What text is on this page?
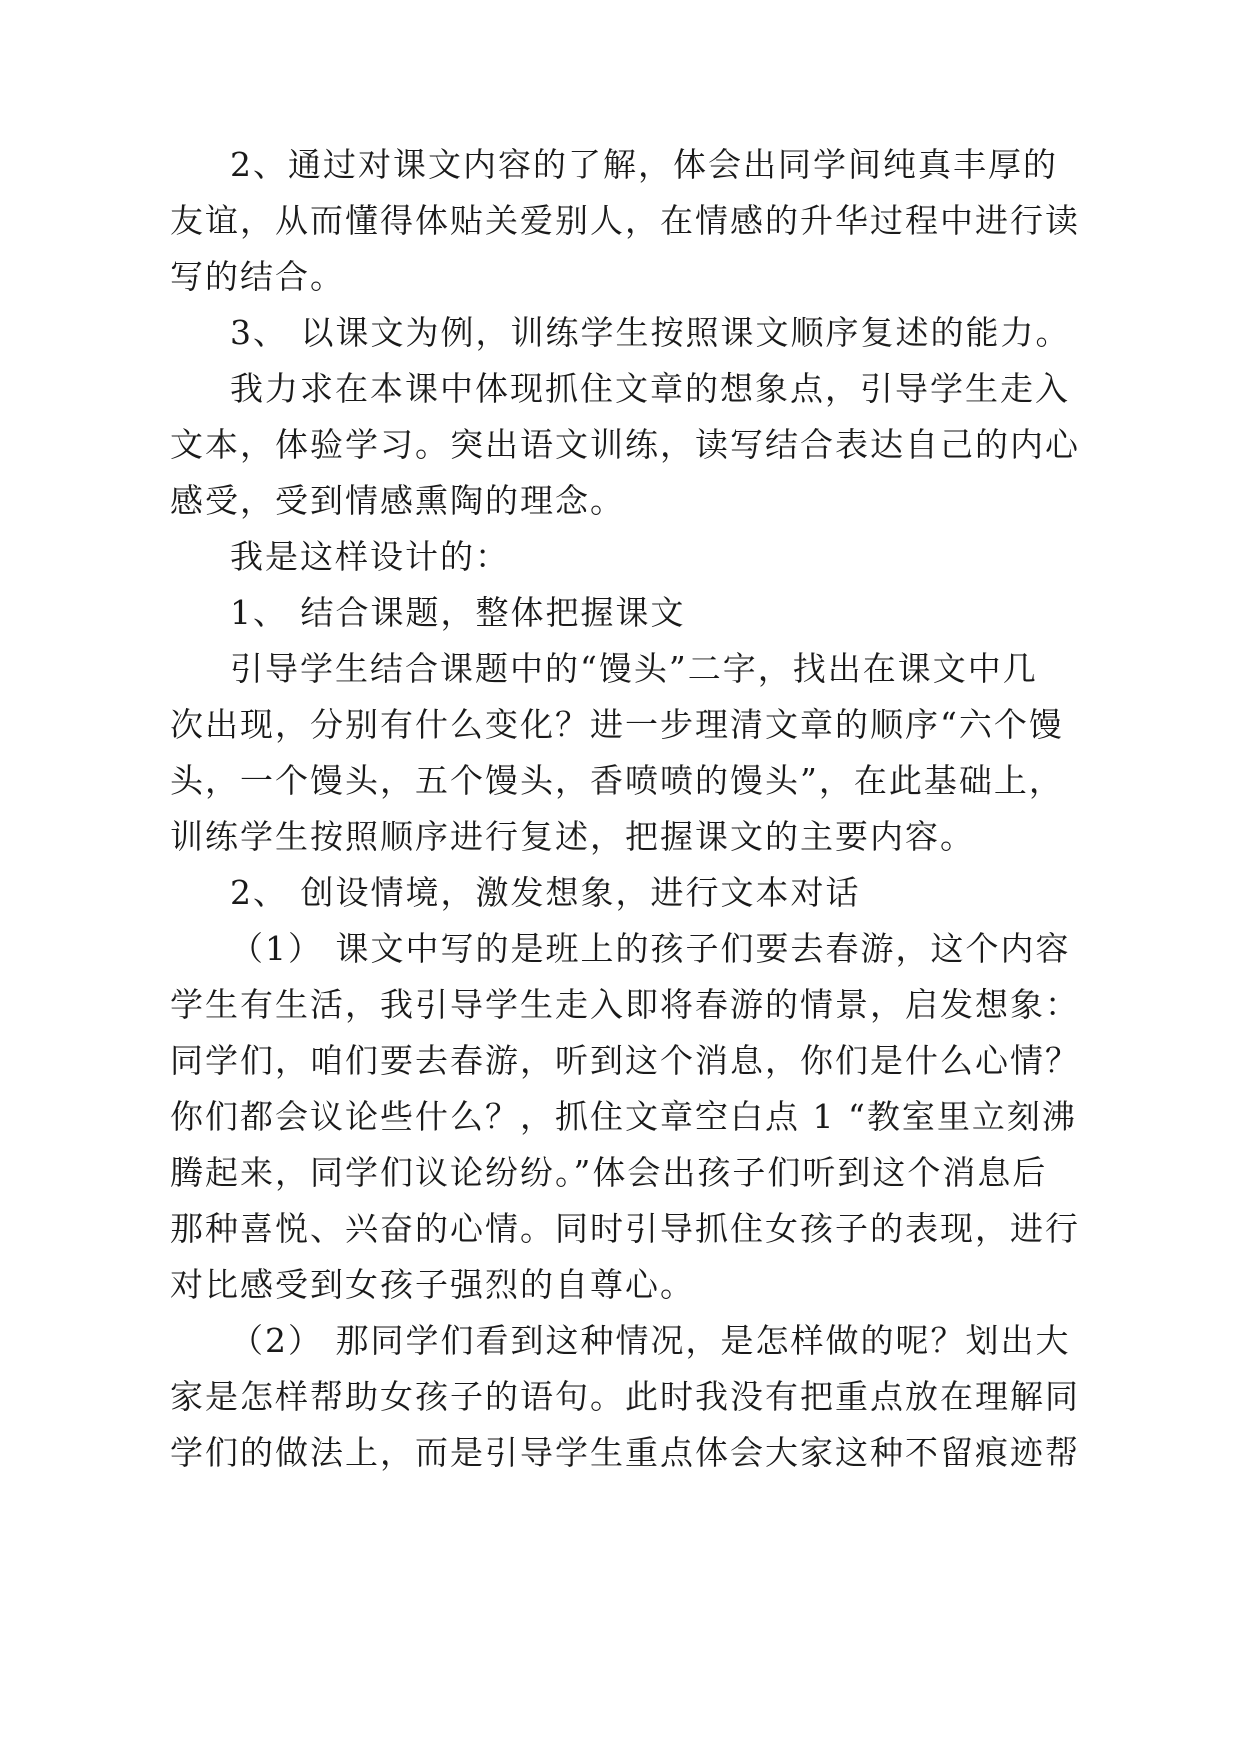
2、通过对课文内容的了解，体会出同学间纯真丰厚的
友谊，从而懂得体贴关爱别人，在情感的升华过程中进行读
写的结合。
3、 以课文为例，训练学生按照课文顺序复述的能力。
我力求在本课中体现抓住文章的想象点，引导学生走入
文本，体验学习。突出语文训练，读写结合表达自己的内心
感受，受到情感熏陶的理念。
我是这样设计的：
1、 结合课题，整体把握课文
引导学生结合课题中的“馒头”二字，找出在课文中几
次出现，分别有什么变化？进一步理清文章的顺序“六个馒
头，一个馒头，五个馒头，香喷喷的馒头”，在此基础上，
训练学生按照顺序进行复述，把握课文的主要内容。
2、 创设情境，激发想象，进行文本对话
（1） 课文中写的是班上的孩子们要去春游，这个内容
学生有生活，我引导学生走入即将春游的情景，启发想象：
同学们，咱们要去春游，听到这个消息，你们是什么心情？
你们都会议论些什么？，抓住文章空白点 1 “教室里立刻沸
腾起来，同学们议论纷纷。”体会出孩子们听到这个消息后
那种喜悦、兴奋的心情。同时引导抓住女孩子的表现，进行
对比感受到女孩子强烈的自尊心。
（2） 那同学们看到这种情况，是怎样做的呢？划出大
家是怎样帮助女孩子的语句。此时我没有把重点放在理解同
学们的做法上，而是引导学生重点体会大家这种不留痕迹帮
